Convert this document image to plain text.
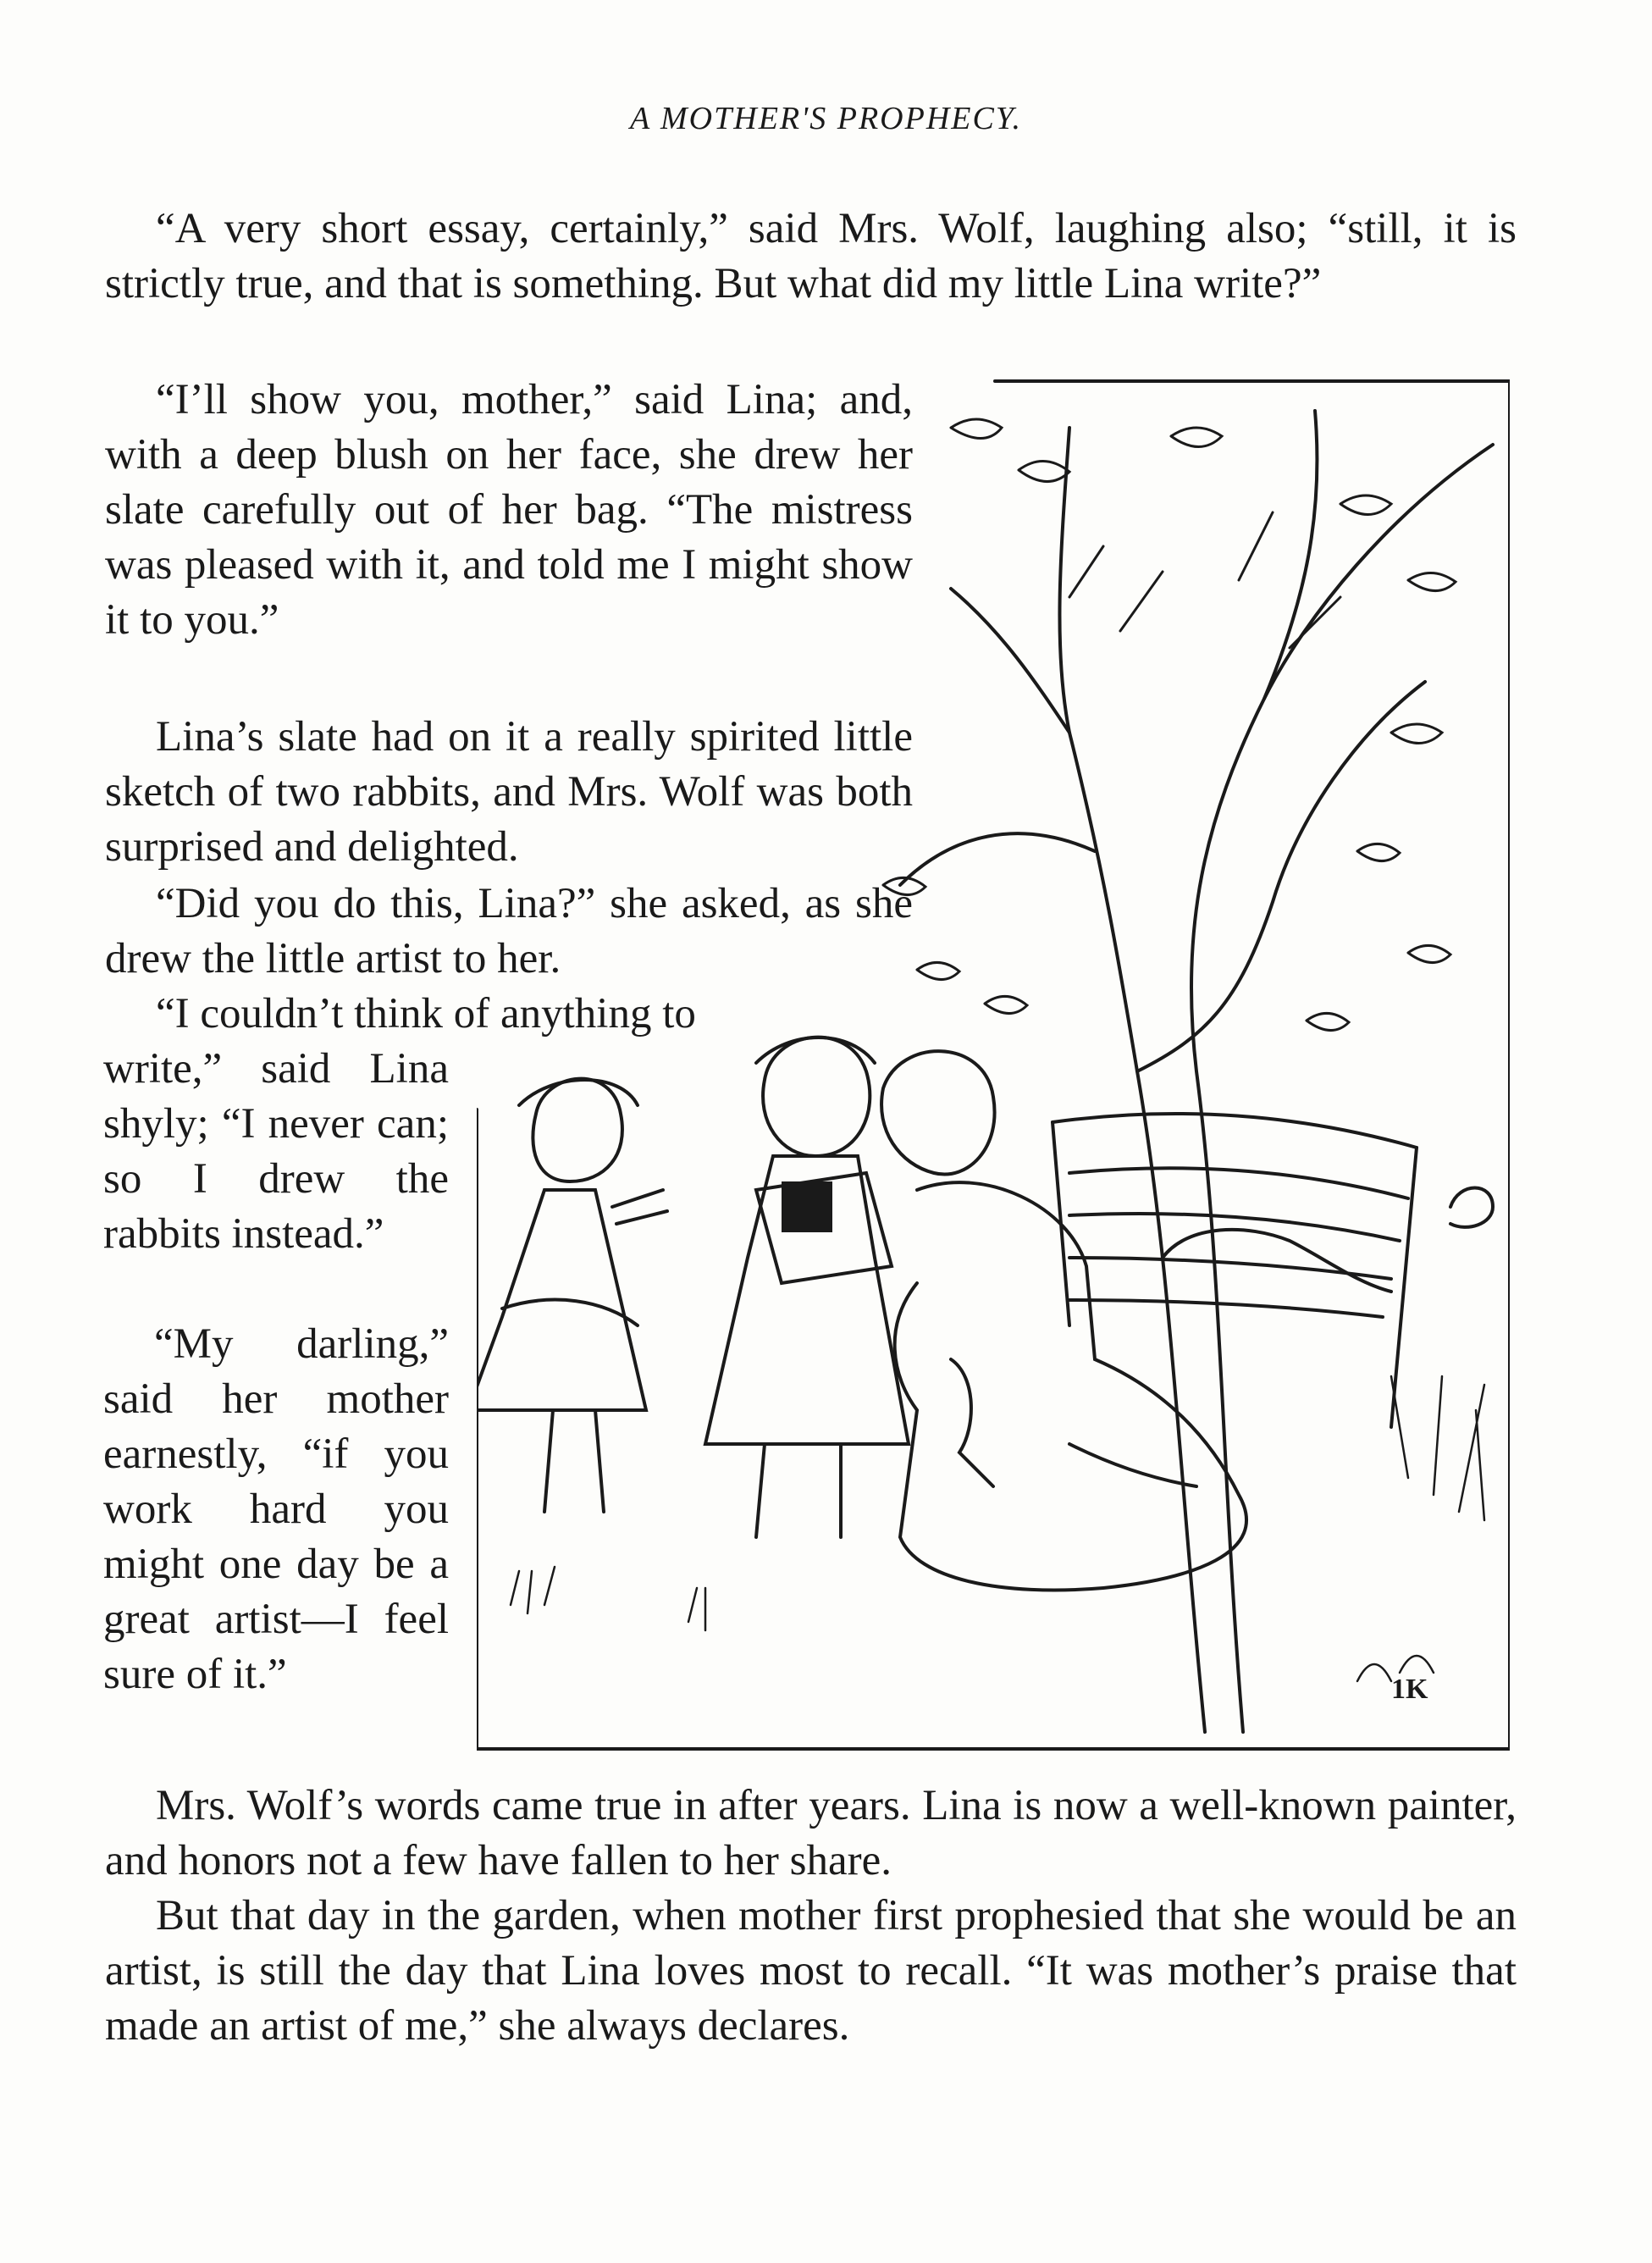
A MOTHER'S PROPHECY.

“A very short essay, certainly,” said Mrs. Wolf, laughing also; “still, it is strictly true, and that is something. But what did my little Lina write?”

“I’ll show you, mother,” said Lina; and, with a deep blush on her face, she drew her slate carefully out of her bag. “The mistress was pleased with it, and told me I might show it to you.”

Lina’s slate had on it a really spirited little sketch of two rabbits, and Mrs. Wolf was both surprised and delighted.

“Did you do this, Lina?” she asked, as she drew the little artist to her.

“I couldn’t think of anything to

write,” said Lina shyly; “I never can; so I drew the rabbits instead.”

“My darling,” said her mother earnestly, “if you work hard you might one day be a great artist—I feel sure of it.”

Mrs. Wolf’s words came true in after years. Lina is now a well-known painter, and honors not a few have fallen to her share.

But that day in the garden, when mother first prophesied that she would be an artist, is still the day that Lina loves most to recall. “It was mother’s praise that made an artist of me,” she always declares.

1K
